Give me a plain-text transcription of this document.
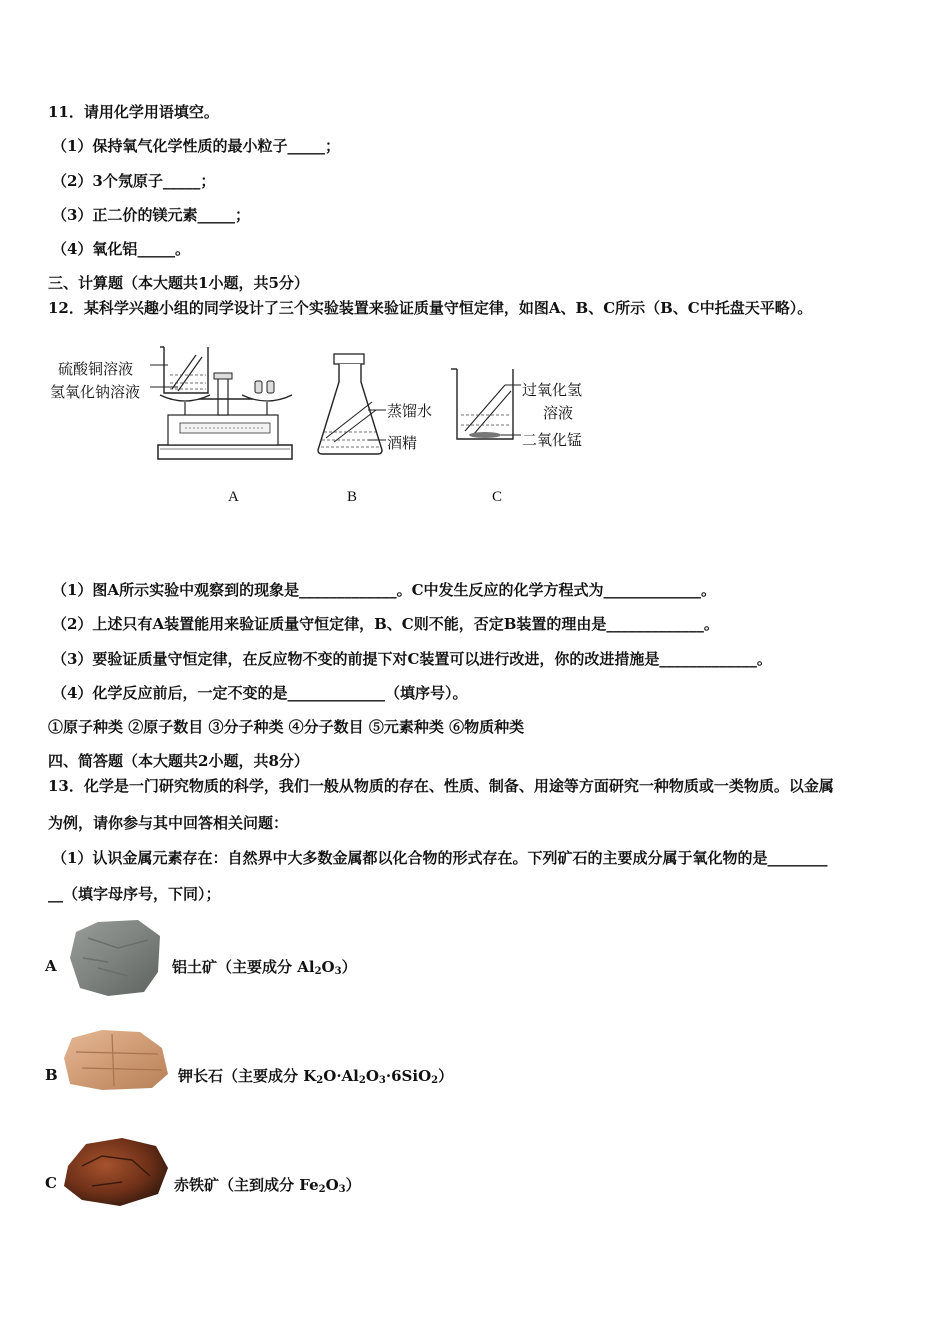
11．请用化学用语填空。
（1）保持氧气化学性质的最小粒子_____；
（2）3个氖原子_____；
（3）正二价的镁元素_____；
（4）氧化铝_____。
三、计算题（本大题共1小题，共5分）
12．某科学兴趣小组的同学设计了三个实验装置来验证质量守恒定律，如图A、B、C所示（B、C中托盘天平略）。
硫酸铜溶液
氢氧化钠溶液
蒸馏水
酒精
过氧化氢
溶液
二氧化锰
A	B	C
（1）图A所示实验中观察到的现象是_____________。C中发生反应的化学方程式为_____________。
（2）上述只有A装置能用来验证质量守恒定律，B、C则不能，否定B装置的理由是_____________。
（3）要验证质量守恒定律，在反应物不变的前提下对C装置可以进行改进，你的改进措施是_____________。
（4）化学反应前后，一定不变的是_____________（填序号）。
①原子种类 ②原子数目 ③分子种类 ④分子数目 ⑤元素种类 ⑥物质种类
四、简答题（本大题共2小题，共8分）
13．化学是一门研究物质的科学，我们一般从物质的存在、性质、制备、用途等方面研究一种物质或一类物质。以金属
为例，请你参与其中回答相关问题：
（1）认识金属元素存在：自然界中大多数金属都以化合物的形式存在。下列矿石的主要成分属于氧化物的是________
__（填字母序号，下同）；
A	铝土矿（主要成分 $Al_2O_3$）
B	钾长石（主要成分 $K_2O\cdot Al_2O_3\cdot 6SiO_2$）
C	赤铁矿（主到成分 $Fe_2O_3$）
